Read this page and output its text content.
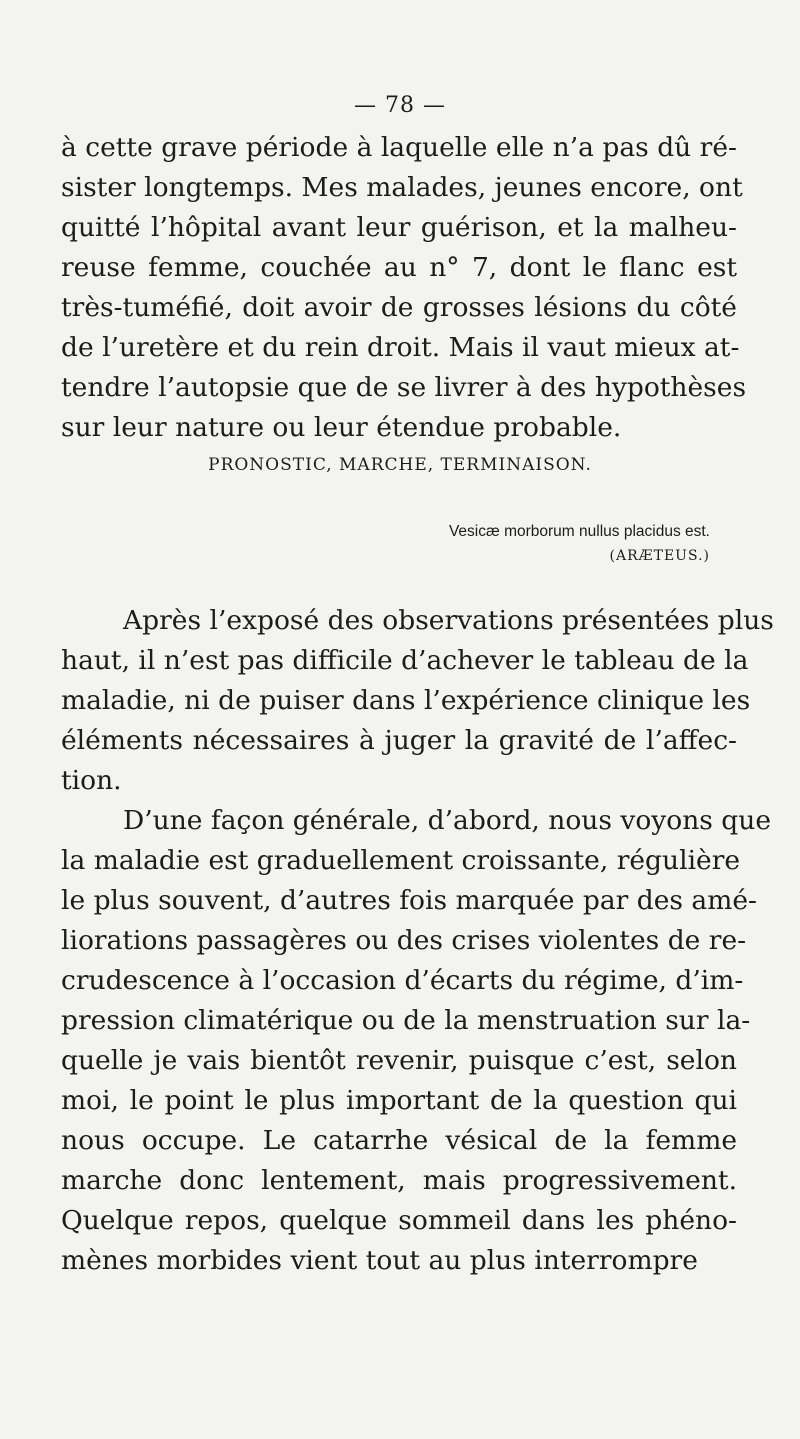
— 78 —
à cette grave période à laquelle elle n’a pas dû ré-
sister longtemps. Mes malades, jeunes encore, ont
quitté l’hôpital avant leur guérison, et la malheu-
reuse femme, couchée au n° 7, dont le flanc est
très-tuméfié, doit avoir de grosses lésions du côté
de l’uretère et du rein droit. Mais il vaut mieux at-
tendre l’autopsie que de se livrer à des hypothèses
sur leur nature ou leur étendue probable.
PRONOSTIC, MARCHE, TERMINAISON.
Vesicæ morborum nullus placidus est.
(ARÆTEUS.)
Après l’exposé des observations présentées plus
haut, il n’est pas difficile d’achever le tableau de la
maladie, ni de puiser dans l’expérience clinique les
éléments nécessaires à juger la gravité de l’affec-
tion.
D’une façon générale, d’abord, nous voyons que
la maladie est graduellement croissante, régulière
le plus souvent, d’autres fois marquée par des amé-
liorations passagères ou des crises violentes de re-
crudescence à l’occasion d’écarts du régime, d’im-
pression climatérique ou de la menstruation sur la-
quelle je vais bientôt revenir, puisque c’est, selon
moi, le point le plus important de la question qui
nous occupe. Le catarrhe vésical de la femme
marche donc lentement, mais progressivement.
Quelque repos, quelque sommeil dans les phéno-
mènes morbides vient tout au plus interrompre
